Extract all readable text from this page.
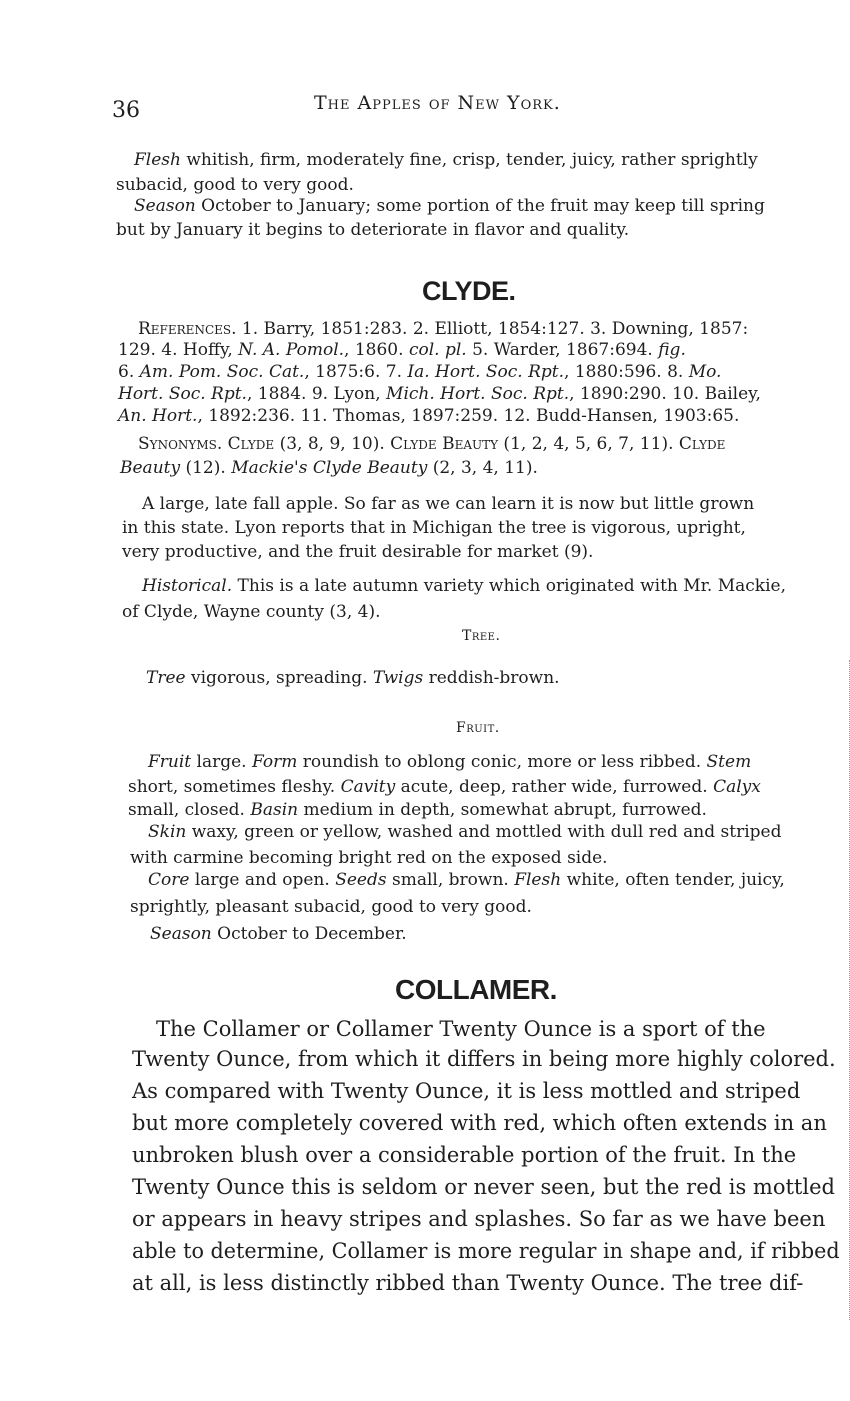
36	The Apples of New York.
Flesh whitish, firm, moderately fine, crisp, tender, juicy, rather sprightly
subacid, good to very good.
Season October to January; some portion of the fruit may keep till spring
but by January it begins to deteriorate in flavor and quality.
CLYDE.
References. 1. Barry, 1851:283. 2. Elliott, 1854:127. 3. Downing, 1857:
129. 4. Hoffy, N. A. Pomol., 1860. col. pl. 5. Warder, 1867:694. fig.
6. Am. Pom. Soc. Cat., 1875:6. 7. Ia. Hort. Soc. Rpt., 1880:596. 8. Mo.
Hort. Soc. Rpt., 1884. 9. Lyon, Mich. Hort. Soc. Rpt., 1890:290. 10. Bailey,
An. Hort., 1892:236. 11. Thomas, 1897:259. 12. Budd-Hansen, 1903:65.
Synonyms. Clyde (3, 8, 9, 10). Clyde Beauty (1, 2, 4, 5, 6, 7, 11). Clyde
Beauty (12). Mackie's Clyde Beauty (2, 3, 4, 11).
A large, late fall apple. So far as we can learn it is now but little grown
in this state. Lyon reports that in Michigan the tree is vigorous, upright,
very productive, and the fruit desirable for market (9).
Historical. This is a late autumn variety which originated with Mr. Mackie,
of Clyde, Wayne county (3, 4).
Tree.
Tree vigorous, spreading. Twigs reddish-brown.
Fruit.
Fruit large. Form roundish to oblong conic, more or less ribbed. Stem
short, sometimes fleshy. Cavity acute, deep, rather wide, furrowed. Calyx
small, closed. Basin medium in depth, somewhat abrupt, furrowed.
Skin waxy, green or yellow, washed and mottled with dull red and striped
with carmine becoming bright red on the exposed side.
Core large and open. Seeds small, brown. Flesh white, often tender, juicy,
sprightly, pleasant subacid, good to very good.
Season October to December.
COLLAMER.
The Collamer or Collamer Twenty Ounce is a sport of the
Twenty Ounce, from which it differs in being more highly colored.
As compared with Twenty Ounce, it is less mottled and striped
but more completely covered with red, which often extends in an
unbroken blush over a considerable portion of the fruit. In the
Twenty Ounce this is seldom or never seen, but the red is mottled
or appears in heavy stripes and splashes. So far as we have been
able to determine, Collamer is more regular in shape and, if ribbed
at all, is less distinctly ribbed than Twenty Ounce. The tree dif-
